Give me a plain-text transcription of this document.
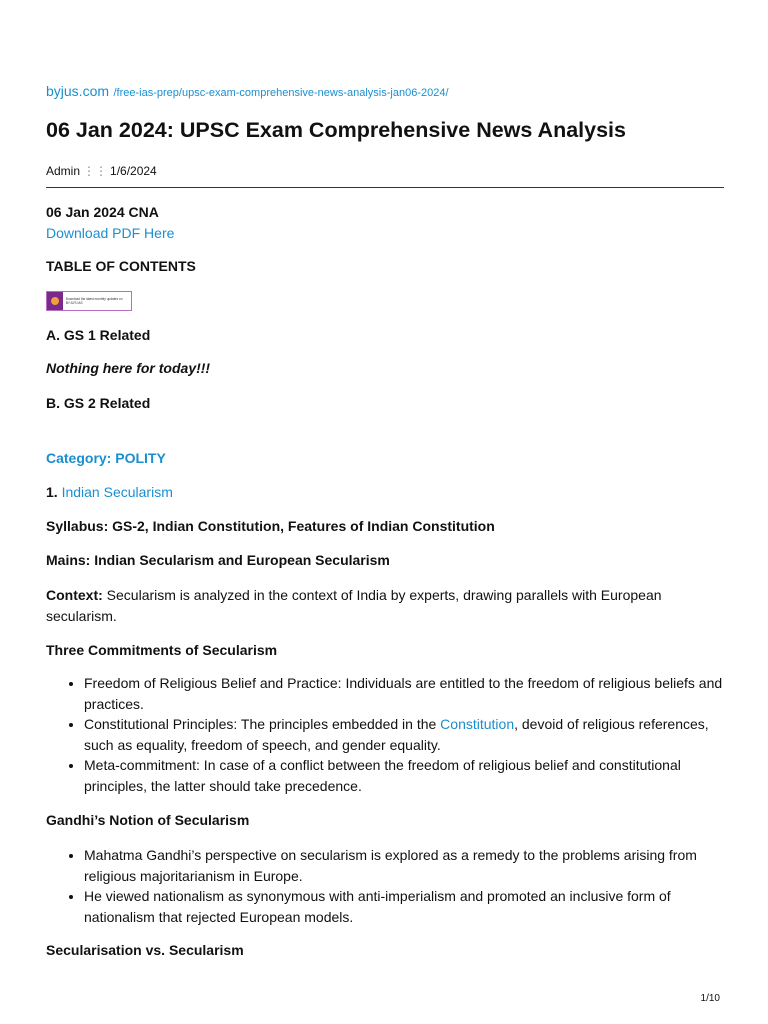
byjus.com /free-ias-prep/upsc-exam-comprehensive-news-analysis-jan06-2024/
06 Jan 2024: UPSC Exam Comprehensive News Analysis
Admin ⋮⋮ 1/6/2024
06 Jan 2024 CNA
Download PDF Here
TABLE OF CONTENTS
Download the latest monthly updates on BYJU'S IAS
A. GS 1 Related
Nothing here for today!!!
B. GS 2 Related
Category: POLITY
1. Indian Secularism
Syllabus: GS-2, Indian Constitution, Features of Indian Constitution
Mains: Indian Secularism and European Secularism
Context: Secularism is analyzed in the context of India by experts, drawing parallels with European secularism.
Three Commitments of Secularism
• Freedom of Religious Belief and Practice: Individuals are entitled to the freedom of religious beliefs and practices.
• Constitutional Principles: The principles embedded in the Constitution, devoid of religious references, such as equality, freedom of speech, and gender equality.
• Meta-commitment: In case of a conflict between the freedom of religious belief and constitutional principles, the latter should take precedence.
Gandhi’s Notion of Secularism
• Mahatma Gandhi’s perspective on secularism is explored as a remedy to the problems arising from religious majoritarianism in Europe.
• He viewed nationalism as synonymous with anti-imperialism and promoted an inclusive form of nationalism that rejected European models.
Secularisation vs. Secularism
1/10
